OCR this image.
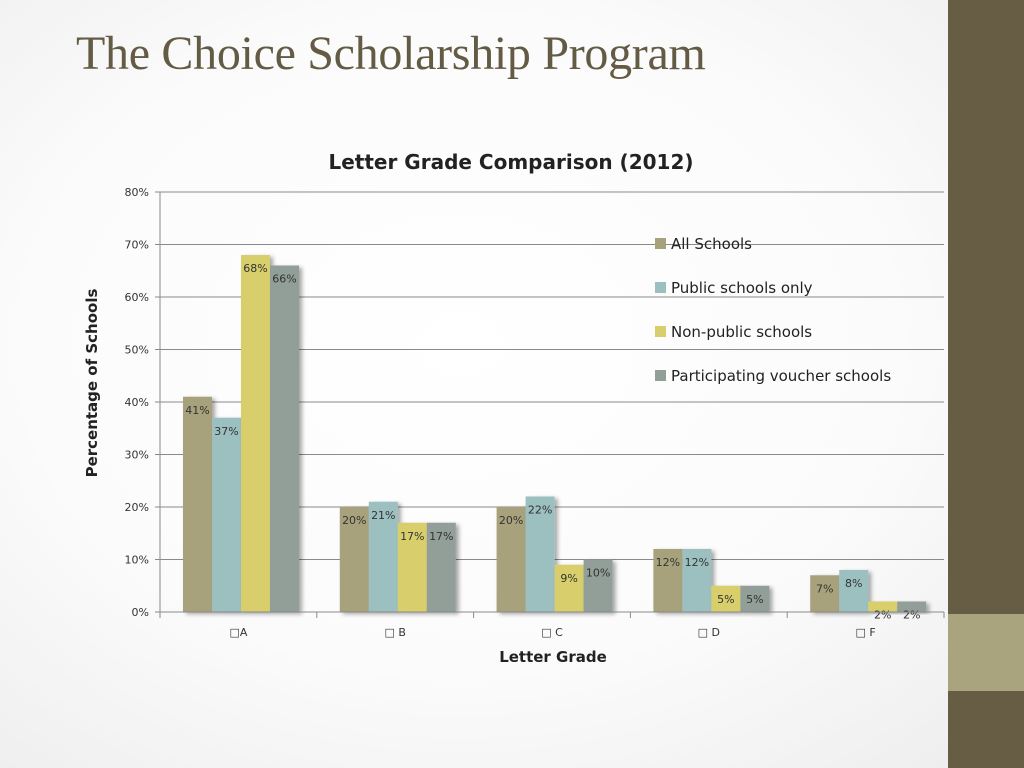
The Choice Scholarship Program
Letter Grade Comparison (2012)
Percentage of Schools
Letter Grade
0%
10%
20%
30%
40%
50%
60%
70%
80%
41%
37%
68%
66%
20% 21%
17% 17%
20%
22%
9% 10%
12% 12%
5% 5%
7% 8%
2% 2%
□A	□ B	□ C	□ D	□ F
All Schools
Public schools only
Non-public schools
Participating voucher schools
